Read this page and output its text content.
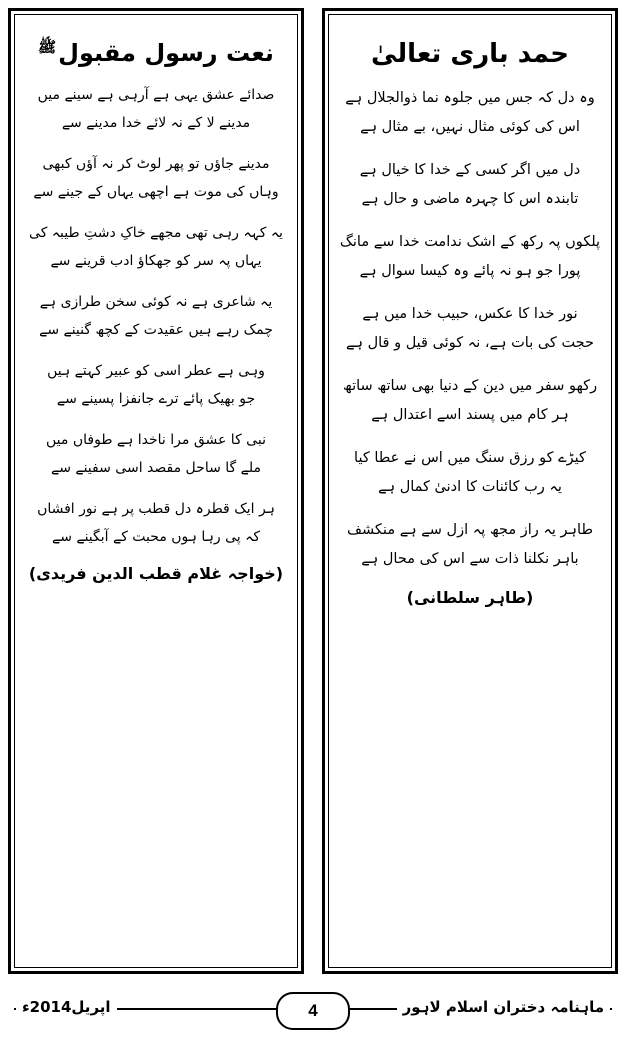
حمد باری تعالیٰ
وہ دل کہ جس میں جلوہ نما ذوالجلال ہے
اس کی کوئی مثال نہیں، بے مثال ہے
دل میں اگر کسی کے خدا کا خیال ہے
تابندہ اس کا چہرہ ماضی و حال ہے
پلکوں پہ رکھ کے اشک ندامت خدا سے مانگ
پورا جو ہو نہ پائے وہ کیسا سوال ہے
نور خدا کا عکس، حبیب خدا میں ہے
حجت کی بات ہے، نہ کوئی قیل و قال ہے
رکھو سفر میں دین کے دنیا بھی ساتھ ساتھ
ہر کام میں پسند اسے اعتدال ہے
کیڑے کو رزق سنگ میں اس نے عطا کیا
یہ رب کائنات کا ادنیٰ کمال ہے
طاہر یہ راز مجھ پہ ازل سے ہے منکشف
باہر نکلنا ذات سے اس کی محال ہے
(طاہر سلطانی)
نعت رسول مقبول$^ﷺ$
صدائے عشق یہی ہے آرہی ہے سینے میں
مدینے لا کے نہ لائے خدا مدینے سے
مدینے جاؤں تو پھر لوٹ کر نہ آؤں کبھی
وہاں کی موت ہے اچھی یہاں کے جینے سے
یہ کہہ رہی تھی مجھے خاکِ دشتِ طیبہ کی
یہاں پہ سر کو جھکاؤ ادب قرینے سے
یہ شاعری ہے نہ کوئی سخن طرازی ہے
چمک رہے ہیں عقیدت کے کچھ گنینے سے
وہی ہے عطر اسی کو عبیر کہتے ہیں
جو بھیک پائے ترے جانفزا پسینے سے
نبی کا عشق مرا ناخدا ہے طوفاں میں
ملے گا ساحل مقصد اسی سفینے سے
ہر ایک قطرہ دل قطب پر ہے نور افشاں
کہ پی رہا ہوں محبت کے آبگینے سے
(خواجہ غلام قطب الدین فریدی)
ماہنامہ دختران اسلام لاہور
4
اپریل2014ء
